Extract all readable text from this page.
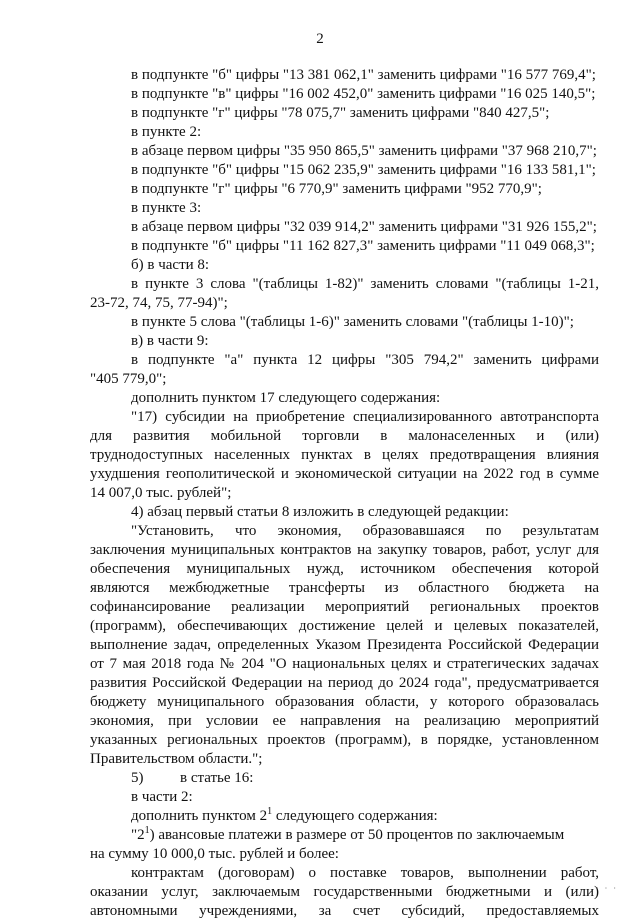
2
в подпункте "б" цифры "13 381 062,1" заменить цифрами "16 577 769,4";
в подпункте "в" цифры "16 002 452,0" заменить цифрами "16 025 140,5";
в подпункте "г" цифры "78 075,7" заменить цифрами "840 427,5";
в пункте 2:
в абзаце первом цифры "35 950 865,5" заменить цифрами "37 968 210,7";
в подпункте "б" цифры "15 062 235,9" заменить цифрами "16 133 581,1";
в подпункте "г" цифры "6 770,9" заменить цифрами "952 770,9";
в пункте 3:
в абзаце первом цифры "32 039 914,2" заменить цифрами "31 926 155,2";
в подпункте "б" цифры "11 162 827,3" заменить цифрами "11 049 068,3";
б) в части 8:
в пункте 3 слова "(таблицы 1-82)" заменить словами "(таблицы 1-21,
23-72, 74, 75, 77-94)";
в пункте 5 слова "(таблицы 1-6)" заменить словами "(таблицы 1-10)";
в) в части 9:
в подпункте "а" пункта 12 цифры "305 794,2" заменить цифрами
"405 779,0";
дополнить пунктом 17 следующего содержания:
"17) субсидии на приобретение специализированного автотранспорта
для развития мобильной торговли в малонаселенных и (или)
труднодоступных населенных пунктах в целях предотвращения влияния
ухудшения геополитической и экономической ситуации на 2022 год в сумме
14 007,0 тыс. рублей";
4) абзац первый статьи 8 изложить в следующей редакции:
"Установить, что экономия, образовавшаяся по результатам
заключения муниципальных контрактов на закупку товаров, работ, услуг для
обеспечения муниципальных нужд, источником обеспечения которой
являются межбюджетные трансферты из областного бюджета на
софинансирование реализации мероприятий региональных проектов
(программ), обеспечивающих достижение целей и целевых показателей,
выполнение задач, определенных Указом Президента Российской Федерации
от 7 мая 2018 года № 204 "О национальных целях и стратегических задачах
развития Российской Федерации на период до 2024 года", предусматривается
бюджету муниципального образования области, у которого образовалась
экономия, при условии ее направления на реализацию мероприятий
указанных региональных проектов (программ), в порядке, установленном
Правительством области.";
5) в статье 16:
в части 2:
дополнить пунктом $2^1$ следующего содержания:
"$2^1$) авансовые платежи в размере от 50 процентов по заключаемым
на сумму 10 000,0 тыс. рублей и более:
контрактам (договорам) о поставке товаров, выполнении работ,
оказании услуг, заключаемым государственными бюджетными и (или)
автономными учреждениями, за счет субсидий, предоставляемых
· · ·
